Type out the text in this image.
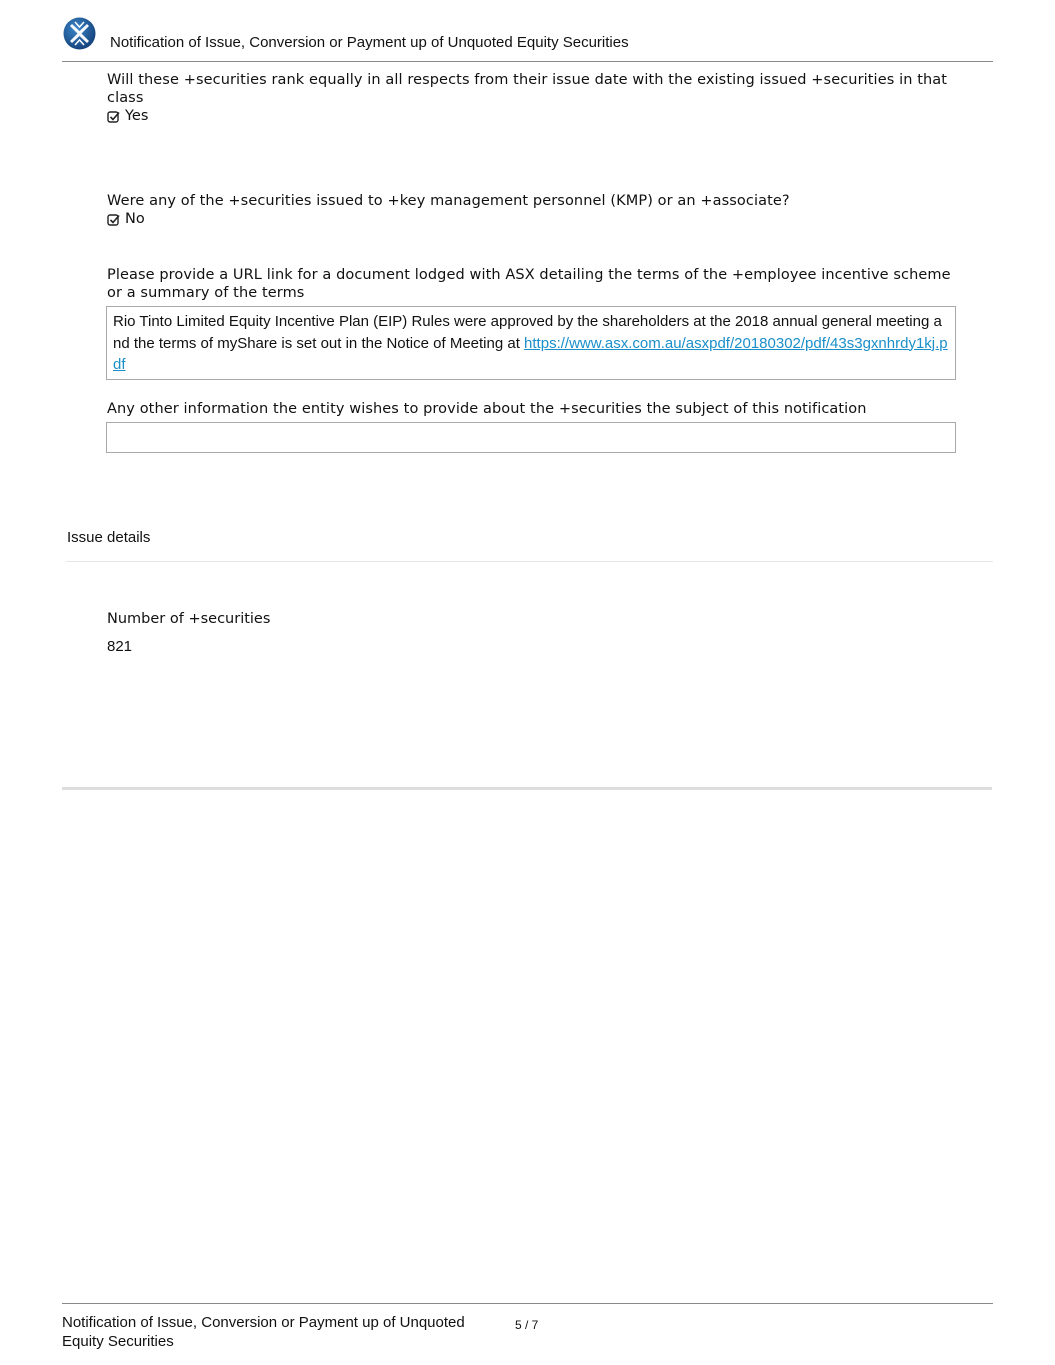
Notification of Issue, Conversion or Payment up of Unquoted Equity Securities
Will these +securities rank equally in all respects from their issue date with the existing issued +securities in that class
Yes
Were any of the +securities issued to +key management personnel (KMP) or an +associate?
No
Please provide a URL link for a document lodged with ASX detailing the terms of the +employee incentive scheme or a summary of the terms
Rio Tinto Limited Equity Incentive Plan (EIP) Rules were approved by the shareholders at the 2018 annual general meeting and the terms of myShare is set out in the Notice of Meeting at https://www.asx.com.au/asxpdf/20180302/pdf/43s3gxnhrdy1kj.pdf
Any other information the entity wishes to provide about the +securities the subject of this notification
Issue details
Number of +securities
821
Notification of Issue, Conversion or Payment up of Unquoted Equity Securities
5 / 7
